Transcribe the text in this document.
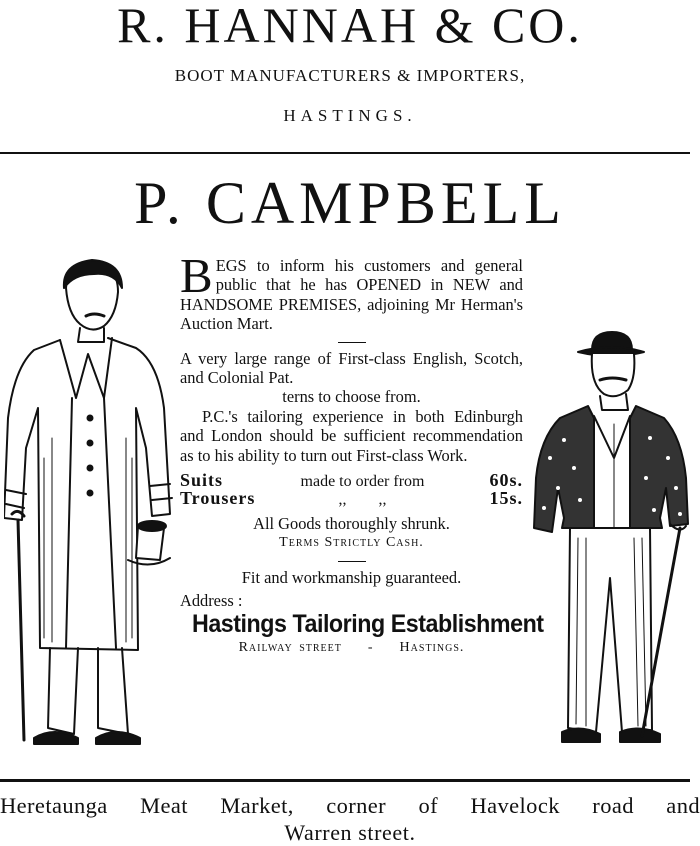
R. HANNAH & CO.
BOOT MANUFACTURERS & IMPORTERS,
HASTINGS.
P. CAMPBELL

BEGS to inform his customers and general public that he has OPENED in NEW and HANDSOME PREMISES, adjoining Mr Herman's Auction Mart.

A very large range of First-class English, Scotch, and Colonial Pat.

terns to choose from.

P.C.'s tailoring experience in both Edinburgh and London should be sufficient recommendation as to his ability to turn out First-class Work.

Suits	made to order from	60s.
Trousers	,,        ,,	15s.

All Goods thoroughly shrunk.

Terms Strictly Cash.

Fit and workmanship guaranteed.

Address :

Hastings Tailoring Establishment

Railway street - Hastings.

Heretaunga Meat Market, corner of Havelock road and
Warren street.
